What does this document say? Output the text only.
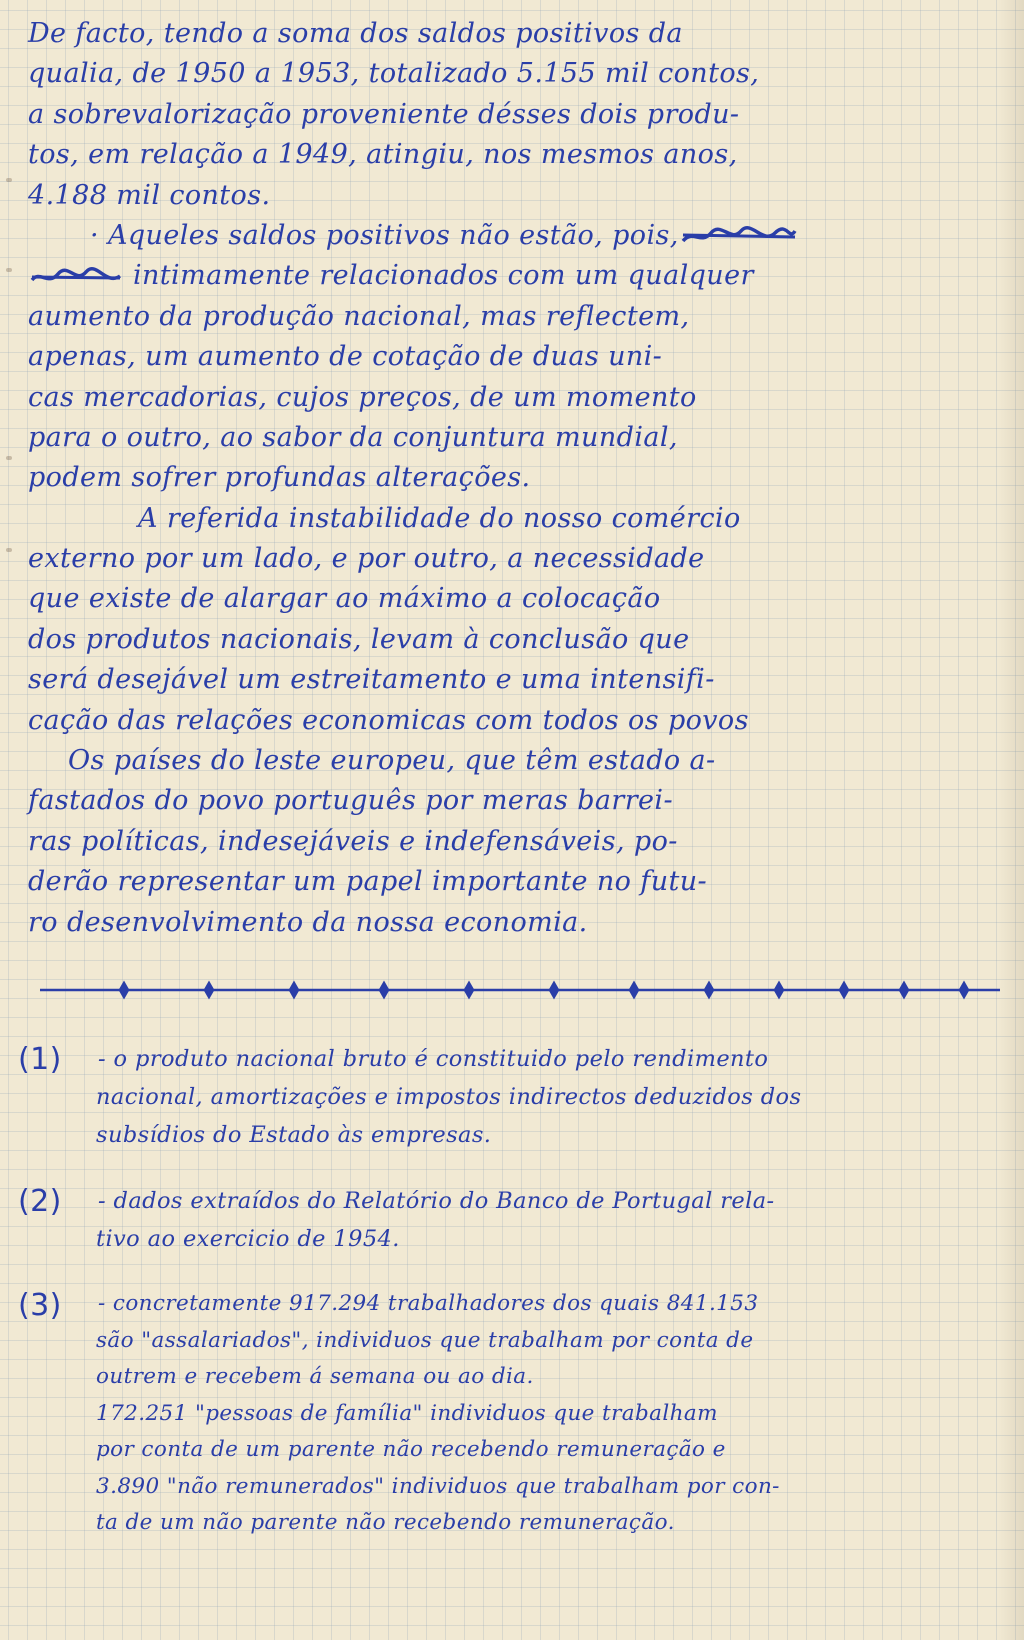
De facto, tendo a soma dos saldos positivos da
qualia, de 1950 a 1953, totalizado 5.155 mil contos,
a sobrevalorização proveniente désses dois produ-
tos, em relação a 1949, atingiu, nos mesmos anos,
4.188 mil contos.
· Aqueles saldos positivos não estão, pois,
intimamente relacionados com um qualquer
aumento da produção nacional, mas reflectem,
apenas, um aumento de cotação de duas uni-
cas mercadorias, cujos preços, de um momento
para o outro, ao sabor da conjuntura mundial,
podem sofrer profundas alterações.
A referida instabilidade do nosso comércio
externo por um lado, e por outro, a necessidade
que existe de alargar ao máximo a colocação
dos produtos nacionais, levam à conclusão que
será desejável um estreitamento e uma intensifi-
cação das relações economicas com todos os povos
Os países do leste europeu, que têm estado a-
fastados do povo português por meras barrei-
ras políticas, indesejáveis e indefensáveis, po-
derão representar um papel importante no futu-
ro desenvolvimento da nossa economia.
(1)	- o produto nacional bruto é constituido pelo rendimento
nacional, amortizações e impostos indirectos deduzidos dos
subsídios do Estado às empresas.
(2)	- dados extraídos do Relatório do Banco de Portugal rela-
tivo ao exercicio de 1954.
(3)	- concretamente 917.294 trabalhadores dos quais 841.153
são "assalariados", individuos que trabalham por conta de
outrem e recebem á semana ou ao dia.
172.251 "pessoas de família" individuos que trabalham
por conta de um parente não recebendo remuneração e
3.890 "não remunerados" individuos que trabalham por con-
ta de um não parente não recebendo remuneração.
